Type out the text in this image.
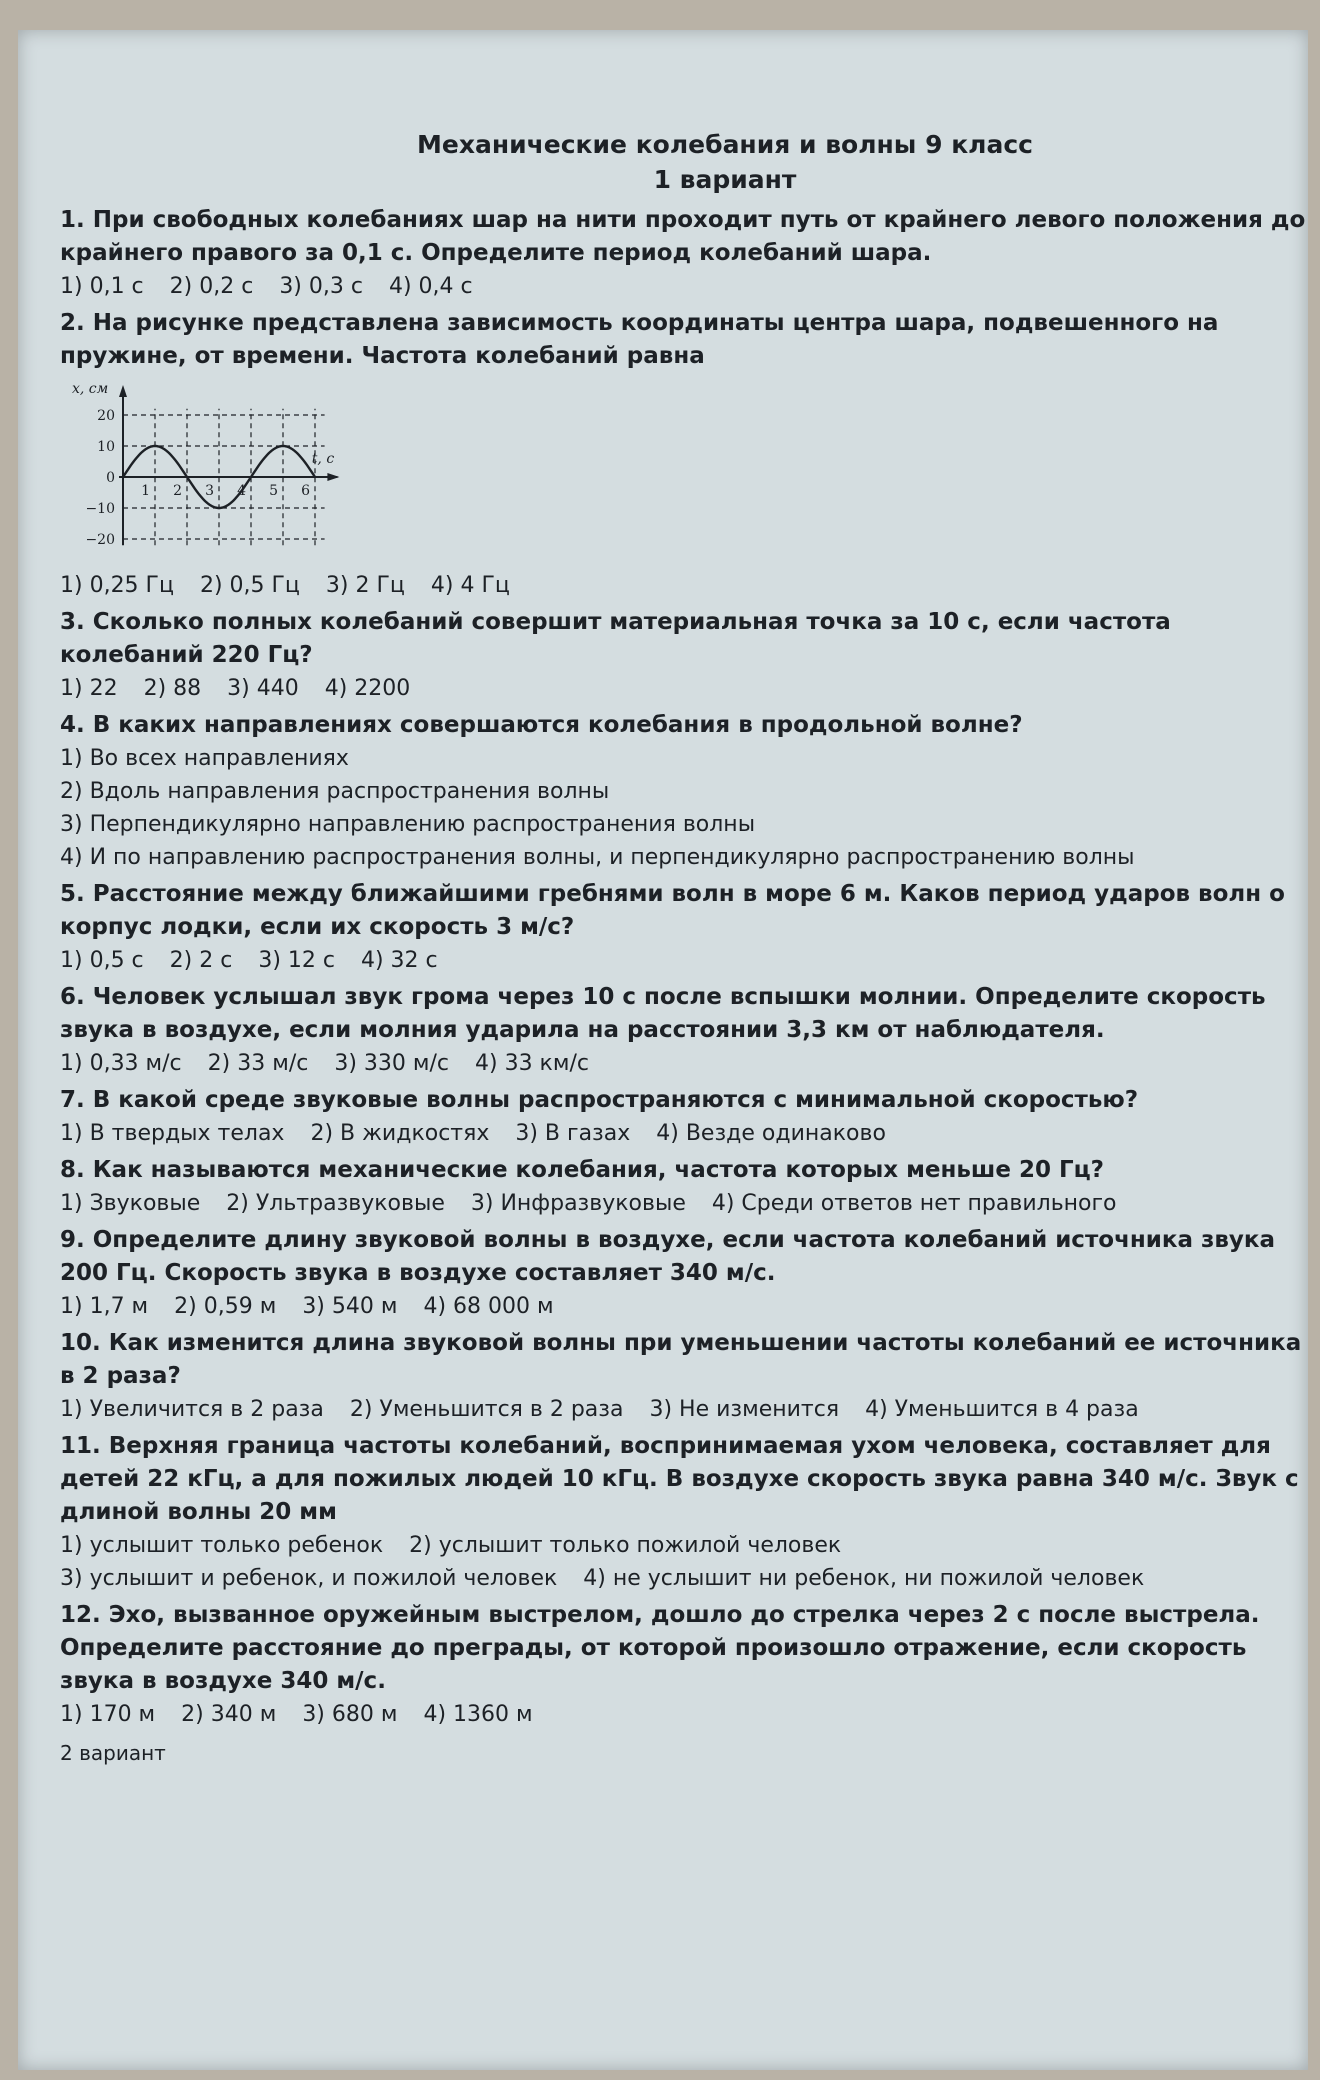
Механические колебания и волны 9 класс
1 вариант
1. При свободных колебаниях шар на нити проходит путь от крайнего левого положения до крайнего правого за 0,1 с. Определите период колебаний шара.
1) 0,1 с 2) 0,2 с 3) 0,3 с 4) 0,4 с
2. На рисунке представлена зависимость координаты центра шара, подвешенного на пружине, от времени. Частота колебаний равна
20
10
0
−10
−20
1 2 3 4 5 6
x, см
t, с
1) 0,25 Гц 2) 0,5 Гц 3) 2 Гц 4) 4 Гц
3. Сколько полных колебаний совершит материальная точка за 10 с, если частота колебаний 220 Гц?
1) 22 2) 88 3) 440 4) 2200
4. В каких направлениях совершаются колебания в продольной волне?
1) Во всех направлениях
2) Вдоль направления распространения волны
3) Перпендикулярно направлению распространения волны
4) И по направлению распространения волны, и перпендикулярно распространению волны
5. Расстояние между ближайшими гребнями волн в море 6 м. Каков период ударов волн о корпус лодки, если их скорость 3 м/с?
1) 0,5 с 2) 2 с 3) 12 с 4) 32 с
6. Человек услышал звук грома через 10 с после вспышки молнии. Определите скорость звука в воздухе, если молния ударила на расстоянии 3,3 км от наблюдателя.
1) 0,33 м/с 2) 33 м/с 3) 330 м/с 4) 33 км/с
7. В какой среде звуковые волны распространяются с минимальной скоростью?
1) В твердых телах 2) В жидкостях 3) В газах 4) Везде одинаково
8. Как называются механические колебания, частота которых меньше 20 Гц?
1) Звуковые 2) Ультразвуковые 3) Инфразвуковые 4) Среди ответов нет правильного
9. Определите длину звуковой волны в воздухе, если частота колебаний источника звука 200 Гц. Скорость звука в воздухе составляет 340 м/с.
1) 1,7 м 2) 0,59 м 3) 540 м 4) 68 000 м
10. Как изменится длина звуковой волны при уменьшении частоты колебаний ее источника в 2 раза?
1) Увеличится в 2 раза 2) Уменьшится в 2 раза 3) Не изменится 4) Уменьшится в 4 раза
11. Верхняя граница частоты колебаний, воспринимаемая ухом человека, составляет для детей 22 кГц, а для пожилых людей 10 кГц. В воздухе скорость звука равна 340 м/с. Звук с длиной волны 20 мм
1) услышит только ребенок 2) услышит только пожилой человек
3) услышит и ребенок, и пожилой человек 4) не услышит ни ребенок, ни пожилой человек
12. Эхо, вызванное оружейным выстрелом, дошло до стрелка через 2 с после выстрела. Определите расстояние до преграды, от которой произошло отражение, если скорость звука в воздухе 340 м/с.
1) 170 м 2) 340 м 3) 680 м 4) 1360 м
2 вариант
